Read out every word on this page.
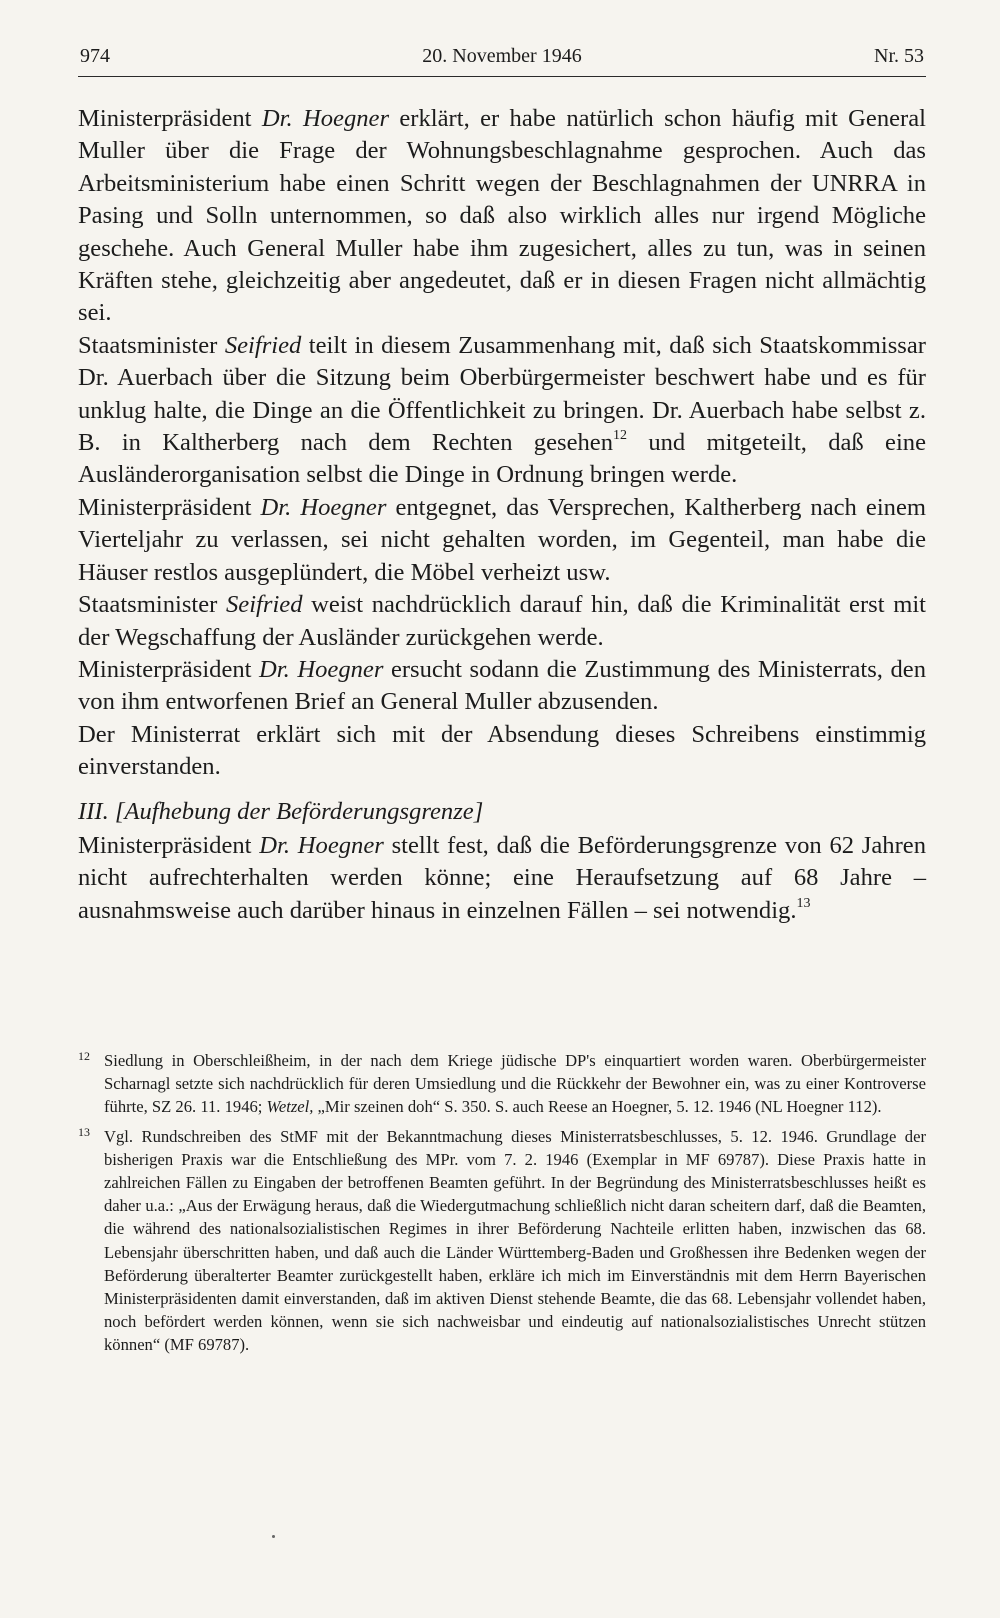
974	20. November 1946	Nr. 53

Ministerpräsident Dr. Hoegner erklärt, er habe natürlich schon häufig mit General Muller über die Frage der Wohnungsbeschlagnahme gesprochen. Auch das Arbeitsministerium habe einen Schritt wegen der Beschlagnahmen der UNRRA in Pasing und Solln unternommen, so daß also wirklich alles nur irgend Mögliche geschehe. Auch General Muller habe ihm zugesichert, alles zu tun, was in seinen Kräften stehe, gleichzeitig aber angedeutet, daß er in diesen Fragen nicht allmächtig sei.

Staatsminister Seifried teilt in diesem Zusammenhang mit, daß sich Staatskommissar Dr. Auerbach über die Sitzung beim Oberbürgermeister beschwert habe und es für unklug halte, die Dinge an die Öffentlichkeit zu bringen. Dr. Auerbach habe selbst z. B. in Kaltherberg nach dem Rechten gesehen$^{12}$ und mitgeteilt, daß eine Ausländerorganisation selbst die Dinge in Ordnung bringen werde.

Ministerpräsident Dr. Hoegner entgegnet, das Versprechen, Kaltherberg nach einem Vierteljahr zu verlassen, sei nicht gehalten worden, im Gegenteil, man habe die Häuser restlos ausgeplündert, die Möbel verheizt usw.

Staatsminister Seifried weist nachdrücklich darauf hin, daß die Kriminalität erst mit der Wegschaffung der Ausländer zurückgehen werde.

Ministerpräsident Dr. Hoegner ersucht sodann die Zustimmung des Ministerrats, den von ihm entworfenen Brief an General Muller abzusenden.

Der Ministerrat erklärt sich mit der Absendung dieses Schreibens einstimmig einverstanden.

III. [Aufhebung der Beförderungsgrenze]

Ministerpräsident Dr. Hoegner stellt fest, daß die Beförderungsgrenze von 62 Jahren nicht aufrechterhalten werden könne; eine Heraufsetzung auf 68 Jahre – ausnahmsweise auch darüber hinaus in einzelnen Fällen – sei notwendig.$^{13}$

12 Siedlung in Oberschleißheim, in der nach dem Kriege jüdische DP's einquartiert worden waren. Oberbürgermeister Scharnagl setzte sich nachdrücklich für deren Umsiedlung und die Rückkehr der Bewohner ein, was zu einer Kontroverse führte, SZ 26. 11. 1946; Wetzel, „Mir szeinen doh“ S. 350. S. auch Reese an Hoegner, 5. 12. 1946 (NL Hoegner 112).
13 Vgl. Rundschreiben des StMF mit der Bekanntmachung dieses Ministerratsbeschlusses, 5. 12. 1946. Grundlage der bisherigen Praxis war die Entschließung des MPr. vom 7. 2. 1946 (Exemplar in MF 69787). Diese Praxis hatte in zahlreichen Fällen zu Eingaben der betroffenen Beamten geführt. In der Begründung des Ministerratsbeschlusses heißt es daher u.a.: „Aus der Erwägung heraus, daß die Wiedergutmachung schließlich nicht daran scheitern darf, daß die Beamten, die während des nationalsozialistischen Regimes in ihrer Beförderung Nachteile erlitten haben, inzwischen das 68. Lebensjahr überschritten haben, und daß auch die Länder Württemberg-Baden und Großhessen ihre Bedenken wegen der Beförderung überalterter Beamter zurückgestellt haben, erkläre ich mich im Einverständnis mit dem Herrn Bayerischen Ministerpräsidenten damit einverstanden, daß im aktiven Dienst stehende Beamte, die das 68. Lebensjahr vollendet haben, noch befördert werden können, wenn sie sich nachweisbar und eindeutig auf nationalsozialistisches Unrecht stützen können“ (MF 69787).
